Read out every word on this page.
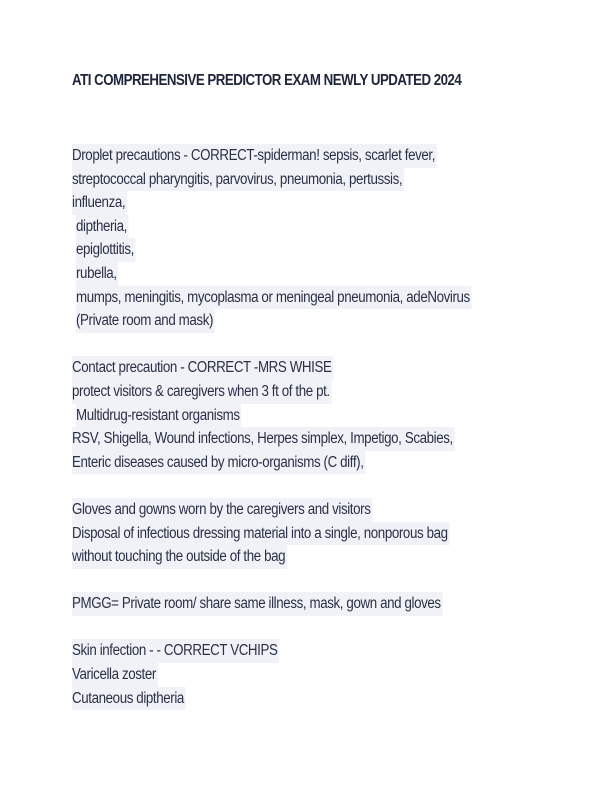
ATI COMPREHENSIVE PREDICTOR EXAM NEWLY UPDATED 2024
Droplet precautions - CORRECT-spiderman! sepsis, scarlet fever,
streptococcal pharyngitis, parvovirus, pneumonia, pertussis,
influenza,
diptheria,
epiglottitis,
rubella,
mumps, meningitis, mycoplasma or meningeal pneumonia, adeNovirus
(Private room and mask)
Contact precaution - CORRECT -MRS WHISE
protect visitors & caregivers when 3 ft of the pt.
Multidrug-resistant organisms
RSV, Shigella, Wound infections, Herpes simplex, Impetigo, Scabies,
Enteric diseases caused by micro-organisms (C diff),
Gloves and gowns worn by the caregivers and visitors
Disposal of infectious dressing material into a single, nonporous bag
without touching the outside of the bag
PMGG= Private room/ share same illness, mask, gown and gloves
Skin infection - - CORRECT VCHIPS
Varicella zoster
Cutaneous diptheria
